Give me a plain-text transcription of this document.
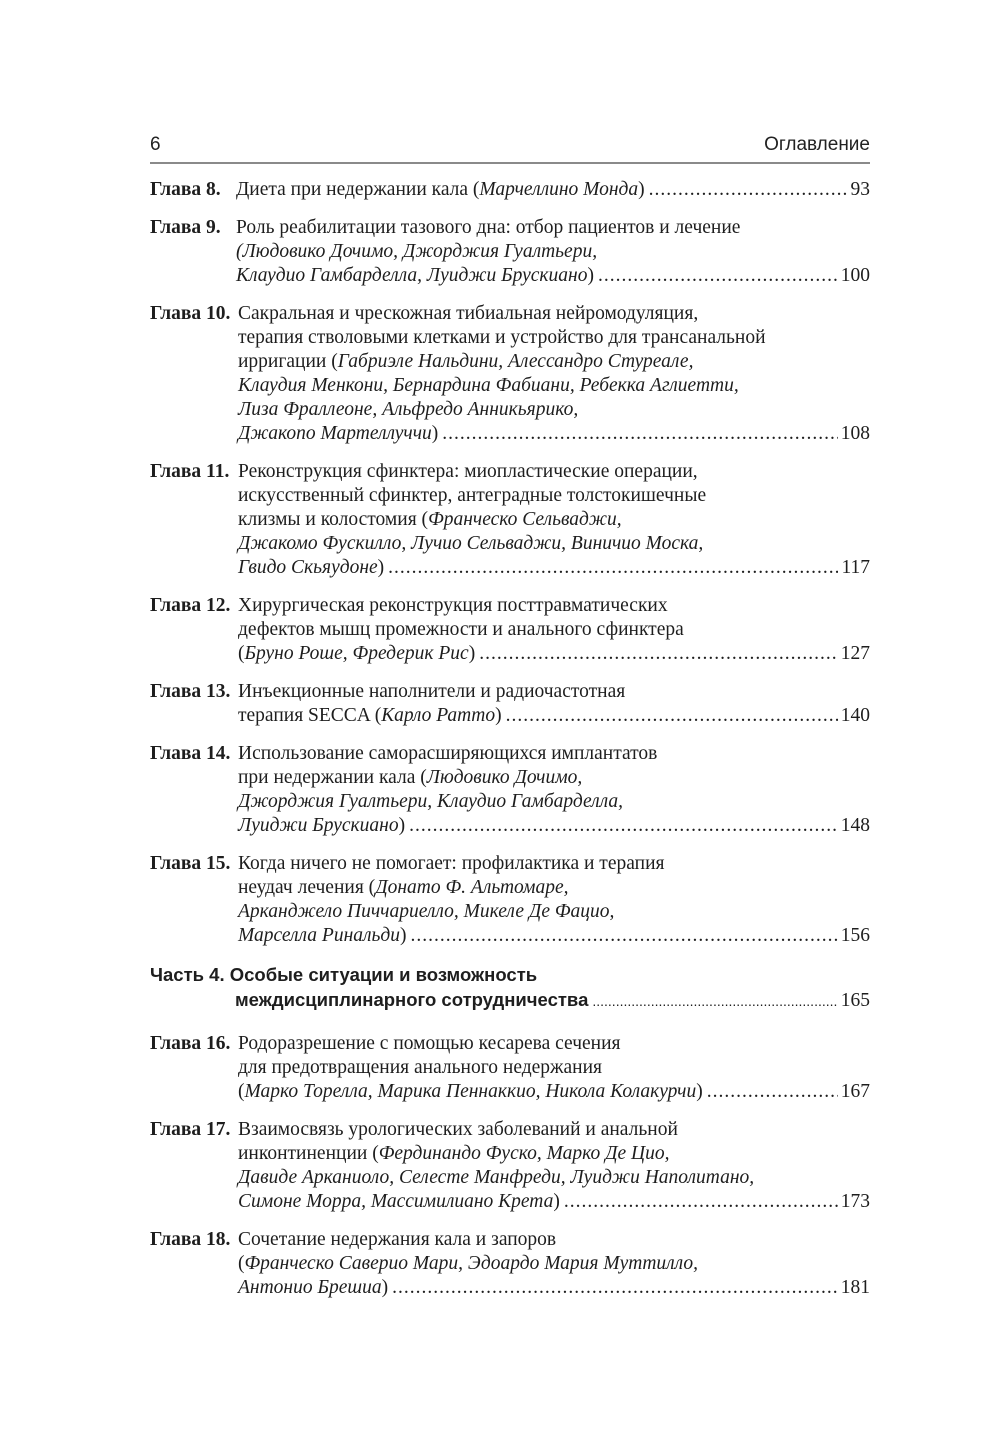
6	Оглавление
Глава 8. Диета при недержании кала (Марчеллино Монда) .....	93
Глава 9. Роль реабилитации тазового дна: отбор пациентов и лечение
(Людовико Дочимо, Джорджия Гуалтьери,
Клаудио Гамбарделла, Луиджи Брускиано) .....	100
Глава 10. Сакральная и чрескожная тибиальная нейромодуляция,
терапия стволовыми клетками и устройство для трансанальной
ирригации (Габриэле Нальдини, Алессандро Стуреале,
Клаудия Менкони, Бернардина Фабиани, Ребекка Аглиетти,
Лиза Фраллеоне, Альфредо Анникьярико,
Джакопо Мартеллуччи) .....	108
Глава 11. Реконструкция сфинктера: миопластические операции,
искусственный сфинктер, антеградные толстокишечные
клизмы и колостомия (Франческо Сельваджи,
Джакомо Фускилло, Лучио Сельваджи, Виничио Моска,
Гвидо Скьяудоне) .....	117
Глава 12. Хирургическая реконструкция посттравматических
дефектов мышц промежности и анального сфинктера
(Бруно Роше, Фредерик Рис) .....	127
Глава 13. Инъекционные наполнители и радиочастотная
терапия SECCA (Карло Ратто) .....	140
Глава 14. Использование саморасширяющихся имплантатов
при недержании кала (Людовико Дочимо,
Джорджия Гуалтьери, Клаудио Гамбарделла,
Луиджи Брускиано) .....	148
Глава 15. Когда ничего не помогает: профилактика и терапия
неудач лечения (Донато Ф. Альтомаре,
Арканджело Пиччариелло, Микеле Де Фацио,
Марселла Ринальди) .....	156
Часть 4. Особые ситуации и возможность
междисциплинарного сотрудничества .....	165
Глава 16. Родоразрешение с помощью кесарева сечения
для предотвращения анального недержания
(Марко Торелла, Марика Пеннаккио, Никола Колакурчи) .....	167
Глава 17. Взаимосвязь урологических заболеваний и анальной
инконтиненции (Фердинандо Фуско, Марко Де Цио,
Давиде Арканиоло, Селесте Манфреди, Луиджи Наполитано,
Симоне Морра, Массимилиано Крета) .....	173
Глава 18. Сочетание недержания кала и запоров
(Франческо Саверио Мари, Эдоардо Мария Муттилло,
Антонио Брешиа) .....	181
